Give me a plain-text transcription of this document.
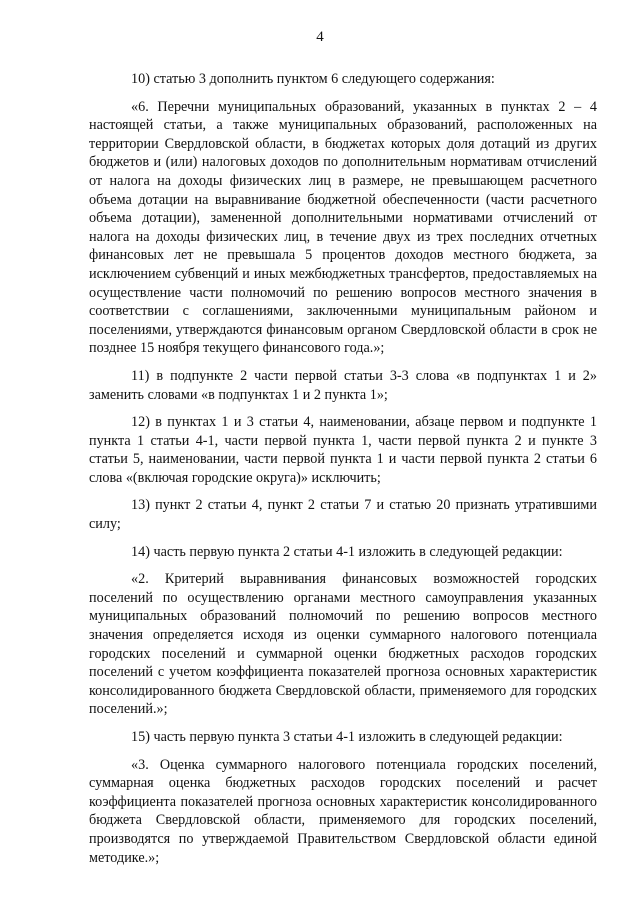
4

10) статью 3 дополнить пунктом 6 следующего содержания:

«6. Перечни муниципальных образований, указанных в пунктах 2 – 4 настоящей статьи, а также муниципальных образований, расположенных на территории Свердловской области, в бюджетах которых доля дотаций из других бюджетов и (или) налоговых доходов по дополнительным нормативам отчислений от налога на доходы физических лиц в размере, не превышающем расчетного объема дотации на выравнивание бюджетной обеспеченности (части расчетного объема дотации), замененной дополнительными нормативами отчислений от налога на доходы физических лиц, в течение двух из трех последних отчетных финансовых лет не превышала 5 процентов доходов местного бюджета, за исключением субвенций и иных межбюджетных трансфертов, предоставляемых на осуществление части полномочий по решению вопросов местного значения в соответствии с соглашениями, заключенными муниципальным районом и поселениями, утверждаются финансовым органом Свердловской области в срок не позднее 15 ноября текущего финансового года.»;

11) в подпункте 2 части первой статьи 3-3 слова «в подпунктах 1 и 2» заменить словами «в подпунктах 1 и 2 пункта 1»;

12) в пунктах 1 и 3 статьи 4, наименовании, абзаце первом и подпункте 1 пункта 1 статьи 4-1, части первой пункта 1, части первой пункта 2 и пункте 3 статьи 5, наименовании, части первой пункта 1 и части первой пункта 2 статьи 6 слова «(включая городские округа)» исключить;

13) пункт 2 статьи 4, пункт 2 статьи 7 и статью 20 признать утратившими силу;

14) часть первую пункта 2 статьи 4-1 изложить в следующей редакции:

«2. Критерий выравнивания финансовых возможностей городских поселений по осуществлению органами местного самоуправления указанных муниципальных образований полномочий по решению вопросов местного значения определяется исходя из оценки суммарного налогового потенциала городских поселений и суммарной оценки бюджетных расходов городских поселений с учетом коэффициента показателей прогноза основных характеристик консолидированного бюджета Свердловской области, применяемого для городских поселений.»;

15) часть первую пункта 3 статьи 4-1 изложить в следующей редакции:

«3. Оценка суммарного налогового потенциала городских поселений, суммарная оценка бюджетных расходов городских поселений и расчет коэффициента показателей прогноза основных характеристик консолидированного бюджета Свердловской области, применяемого для городских поселений, производятся по утверждаемой Правительством Свердловской области единой методике.»;
